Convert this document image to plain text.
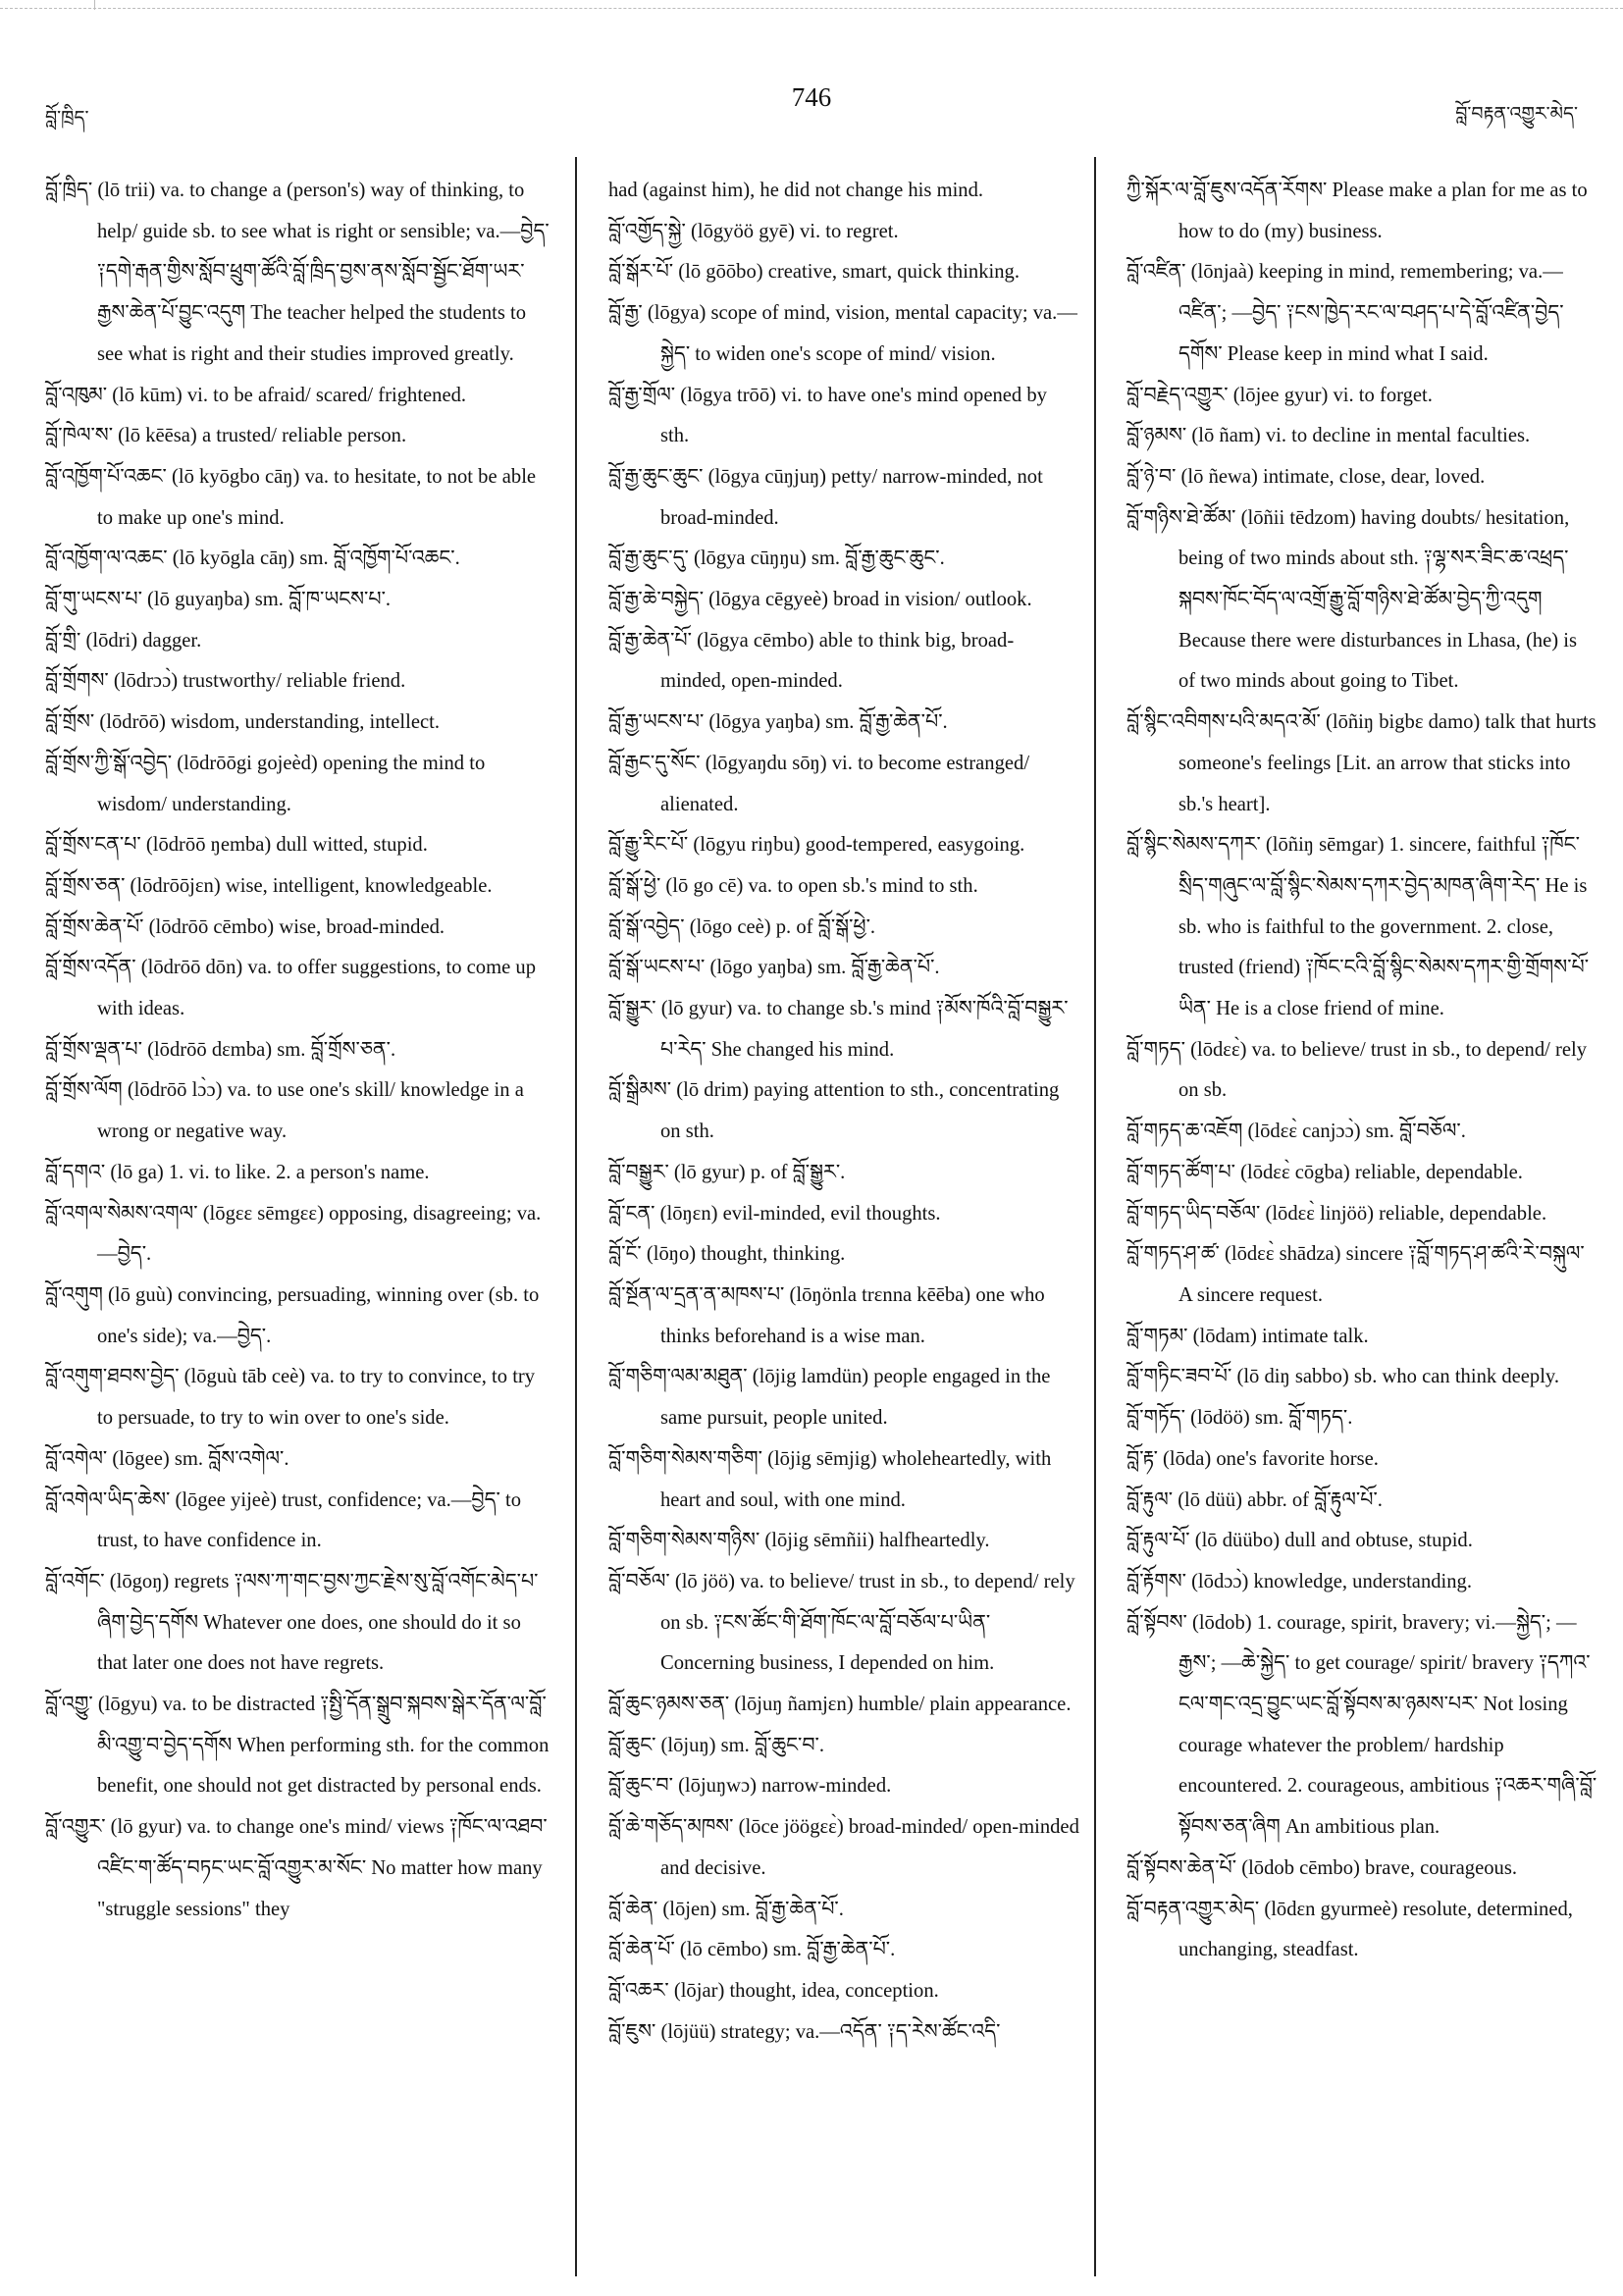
བློ་ཁྲིད་
746
བློ་བརྟན་འགྱུར་མེད་

བློ་ཁྲིད་ (lō trii) va. to change a (person's) way of thinking, to help/ guide sb. to see what is right or sensible; va.—བྱེད་ ༑དགེ་རྒན་གྱིས་སློབ་ཕྲུག་ཚོའི་བློ་ཁྲིད་བྱས་ནས་སློབ་སྦྱོང་ཐོག་ཡར་རྒྱས་ཆེན་པོ་བྱུང་འདུག The teacher helped the students to see what is right and their studies improved greatly.

བློ་འཁུམ་ (lō kūm) vi. to be afraid/ scared/ frightened.

བློ་ཁེལ་ས་ (lō kēēsa) a trusted/ reliable person.

བློ་འཁྱོག་པོ་འཆང་ (lō kyōgbo cāŋ) va. to hesitate, to not be able to make up one's mind.

བློ་འཁྱོག་ལ་འཆང་ (lō kyōgla cāŋ) sm. བློ་འཁྱོག་པོ་འཆང་.

བློ་གུ་ཡངས་པ་ (lō guyaŋba) sm. བློ་ཁ་ཡངས་པ་.

བློ་གྲི་ (lōdri) dagger.

བློ་གྲོགས་ (lōdrɔɔ̀) trustworthy/ reliable friend.

བློ་གྲོས་ (lōdrōō) wisdom, understanding, intellect.

བློ་གྲོས་ཀྱི་སྒོ་འབྱེད་ (lōdrōōgi gojeèd) opening the mind to wisdom/ understanding.

བློ་གྲོས་ངན་པ་ (lōdrōō ŋemba) dull witted, stupid.

བློ་གྲོས་ཅན་ (lōdrōōjɛn) wise, intelligent, knowledgeable.

བློ་གྲོས་ཆེན་པོ་ (lōdrōō cēmbo) wise, broad-minded.

བློ་གྲོས་འདོན་ (lōdrōō dōn) va. to offer suggestions, to come up with ideas.

བློ་གྲོས་ལྡན་པ་ (lōdrōō dɛmba) sm. བློ་གྲོས་ཅན་.

བློ་གྲོས་ལོག (lōdrōō lɔ̀ɔ) va. to use one's skill/ knowledge in a wrong or negative way.

བློ་དགའ་ (lō ga) 1. vi. to like. 2. a person's name.

བློ་འགལ་སེམས་འགལ་ (lōgɛɛ sēmgɛɛ) opposing, disagreeing; va.—བྱེད་.

བློ་འགུག (lō guù) convincing, persuading, winning over (sb. to one's side); va.—བྱེད་.

བློ་འགུག་ཐབས་བྱེད་ (lōguù tāb ceè) va. to try to convince, to try to persuade, to try to win over to one's side.

བློ་འགེལ་ (lōgee) sm. བློས་འགེལ་.

བློ་འགེལ་ཡིད་ཆེས་ (lōgee yijeè) trust, confidence; va.—བྱེད་ to trust, to have confidence in.

བློ་འགོང་ (lōgoŋ) regrets ༑ལས་ཀ་གང་བྱས་ཀྱང་རྗེས་སུ་བློ་འགོང་མེད་པ་ཞིག་བྱེད་དགོས Whatever one does, one should do it so that later one does not have regrets.

བློ་འགྱུ་ (lōgyu) va. to be distracted ༑སྤྱི་དོན་སྒྲུབ་སྐབས་སྒེར་དོན་ལ་བློ་མི་འགྱུ་བ་བྱེད་དགོས When performing sth. for the common benefit, one should not get distracted by personal ends.

བློ་འགྱུར་ (lō gyur) va. to change one's mind/ views ༑ཁོང་ལ་འཐབ་འཛིང་ག་ཚོད་བཏང་ཡང་བློ་འགྱུར་མ་སོང་ No matter how many "struggle sessions" they

had (against him), he did not change his mind.

བློ་འགྱོད་སྐྱེ་ (lōgyöö gyē) vi. to regret.

བློ་སྒོར་པོ་ (lō gōōbo) creative, smart, quick thinking.

བློ་རྒྱ་ (lōgya) scope of mind, vision, mental capacity; va.—སྐྱེད་ to widen one's scope of mind/ vision.

བློ་རྒྱ་གྲོལ་ (lōgya trōō) vi. to have one's mind opened by sth.

བློ་རྒྱ་ཆུང་ཆུང་ (lōgya cūŋjuŋ) petty/ narrow-minded, not broad-minded.

བློ་རྒྱ་ཆུང་དུ་ (lōgya cūŋŋu) sm. བློ་རྒྱ་ཆུང་ཆུང་.

བློ་རྒྱ་ཆེ་བསྐྱེད་ (lōgya cēgyeè) broad in vision/ outlook.

བློ་རྒྱ་ཆེན་པོ་ (lōgya cēmbo) able to think big, broad-minded, open-minded.

བློ་རྒྱ་ཡངས་པ་ (lōgya yaŋba) sm. བློ་རྒྱ་ཆེན་པོ་.

བློ་རྒྱང་དུ་སོང་ (lōgyaŋdu sōŋ) vi. to become estranged/ alienated.

བློ་རྒྱུ་རིང་པོ་ (lōgyu riŋbu) good-tempered, easygoing.

བློ་སྒོ་ཕྱེ་ (lō go cē) va. to open sb.'s mind to sth.

བློ་སྒོ་འབྱེད་ (lōgo ceè) p. of བློ་སྒོ་ཕྱེ་.

བློ་སྒོ་ཡངས་པ་ (lōgo yaŋba) sm. བློ་རྒྱ་ཆེན་པོ་.

བློ་སྒྱུར་ (lō gyur) va. to change sb.'s mind ༑མོས་ཁོའི་བློ་བསྒྱུར་པ་རེད་ She changed his mind.

བློ་སྒྲིམས་ (lō drim) paying attention to sth., concentrating on sth.

བློ་བསྒྱུར་ (lō gyur) p. of བློ་སྒྱུར་.

བློ་ངན་ (lōŋɛn) evil-minded, evil thoughts.

བློ་ངོ་ (lōŋo) thought, thinking.

བློ་སྔོན་ལ་དྲན་ན་མཁས་པ་ (lōŋönla trɛnna kēēba) one who thinks beforehand is a wise man.

བློ་གཅིག་ལམ་མཐུན་ (lōjig lamdün) people engaged in the same pursuit, people united.

བློ་གཅིག་སེམས་གཅིག་ (lōjig sēmjig) wholeheartedly, with heart and soul, with one mind.

བློ་གཅིག་སེམས་གཉིས་ (lōjig sēmñii) halfheartedly.

བློ་བཅོལ་ (lō jöö) va. to believe/ trust in sb., to depend/ rely on sb. ༑ངས་ཚོང་གི་ཐོག་ཁོང་ལ་བློ་བཅོལ་པ་ཡིན་ Concerning business, I depended on him.

བློ་ཆུང་ཉམས་ཅན་ (lōjuŋ ñamjɛn) humble/ plain appearance.

བློ་ཆུང་ (lōjuŋ) sm. བློ་ཆུང་བ་.

བློ་ཆུང་བ་ (lōjuŋwɔ) narrow-minded.

བློ་ཆེ་གཅོད་མཁས་ (lōce jöögɛɛ̀) broad-minded/ open-minded and decisive.

བློ་ཆེན་ (lōjen) sm. བློ་རྒྱ་ཆེན་པོ་.

བློ་ཆེན་པོ་ (lō cēmbo) sm. བློ་རྒྱ་ཆེན་པོ་.

བློ་འཆར་ (lōjar) thought, idea, conception.

བློ་ཇུས་ (lōjüü) strategy; va.—འདོན་ ༑ད་རེས་ཚོང་འདི་

ཀྱི་སྐོར་ལ་བློ་ཇུས་འདོན་རོགས་ Please make a plan for me as to how to do (my) business.

བློ་འཛིན་ (lōnjaà) keeping in mind, remembering; va.—འཛིན་; —བྱེད་ ༑ངས་ཁྱེད་རང་ལ་བཤད་པ་དེ་བློ་འཛིན་བྱེད་དགོས་ Please keep in mind what I said.

བློ་བརྗེད་འགྱུར་ (lōjee gyur) vi. to forget.

བློ་ཉམས་ (lō ñam) vi. to decline in mental faculties.

བློ་ཉེ་བ་ (lō ñewa) intimate, close, dear, loved.

བློ་གཉིས་ཐེ་ཚོམ་ (lōñii tēdzom) having doubts/ hesitation, being of two minds about sth. ༑ལྷ་སར་ཟིང་ཆ་འཕྲད་སྐབས་ཁོང་བོད་ལ་འགྲོ་རྒྱུ་བློ་གཉིས་ཐེ་ཚོམ་བྱེད་ཀྱི་འདུག Because there were disturbances in Lhasa, (he) is of two minds about going to Tibet.

བློ་སྙིང་འབིགས་པའི་མདའ་མོ་ (lōñiŋ bigbɛ damo) talk that hurts someone's feelings [Lit. an arrow that sticks into sb.'s heart].

བློ་སྙིང་སེམས་དཀར་ (lōñiŋ sēmgar) 1. sincere, faithful ༑ཁོང་སྲིད་གཞུང་ལ་བློ་སྙིང་སེམས་དཀར་བྱེད་མཁན་ཞིག་རེད་ He is sb. who is faithful to the government. 2. close, trusted (friend) ༑ཁོང་ངའི་བློ་སྙིང་སེམས་དཀར་གྱི་གྲོགས་པོ་ཡིན་ He is a close friend of mine.

བློ་གཏད་ (lōdɛɛ̀) va. to believe/ trust in sb., to depend/ rely on sb.

བློ་གཏད་ཆ་འཇོག (lōdɛɛ̀ canjɔɔ̀) sm. བློ་བཅོལ་.

བློ་གཏད་ཚོག་པ་ (lōdɛɛ̀ cōgba) reliable, dependable.

བློ་གཏད་ཡིད་བཅོལ་ (lōdɛɛ̀ linjöö) reliable, dependable.

བློ་གཏད་ཤ་ཚ་ (lōdɛɛ̀ shādza) sincere ༑བློ་གཏད་ཤ་ཚའི་རེ་བསྐུལ་ A sincere request.

བློ་གཏམ་ (lōdam) intimate talk.

བློ་གཏིང་ཟབ་པོ་ (lō diŋ sabbo) sb. who can think deeply.

བློ་གཏོད་ (lōdöö) sm. བློ་གཏད་.

བློ་རྟ་ (lōda) one's favorite horse.

བློ་རྟུལ་ (lō düü) abbr. of བློ་རྟུལ་པོ་.

བློ་རྟུལ་པོ་ (lō düübo) dull and obtuse, stupid.

བློ་རྟོགས་ (lōdɔɔ̀) knowledge, understanding.

བློ་སྟོབས་ (lōdob) 1. courage, spirit, bravery; vi.—སྐྱེད་; —རྒྱས་; —ཆེ་སྐྱེད་ to get courage/ spirit/ bravery ༑དཀའ་ངལ་གང་འདྲ་བྱུང་ཡང་བློ་སྟོབས་མ་ཉམས་པར་ Not losing courage whatever the problem/ hardship encountered. 2. courageous, ambitious ༑འཆར་གཞི་བློ་སྟོབས་ཅན་ཞིག An ambitious plan.

བློ་སྟོབས་ཆེན་པོ་ (lōdob cēmbo) brave, courageous.

བློ་བརྟན་འགྱུར་མེད་ (lōdɛn gyurmeè) resolute, determined, unchanging, steadfast.
